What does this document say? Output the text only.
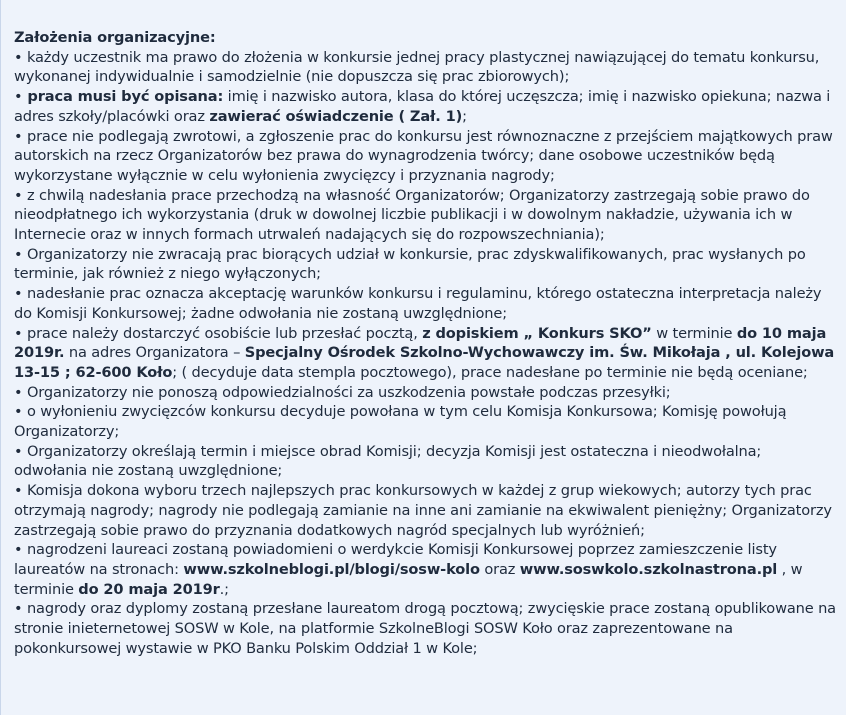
Założenia organizacyjne:

• każdy uczestnik ma prawo do złożenia w konkursie jednej pracy plastycznej nawiązującej do tematu konkursu, wykonanej indywidualnie i samodzielnie (nie dopuszcza się prac zbiorowych);

• praca musi być opisana: imię i nazwisko autora, klasa do której uczęszcza; imię i nazwisko opiekuna; nazwa i adres szkoły/placówki oraz zawierać oświadczenie ( Zał. 1);

• prace nie podlegają zwrotowi, a zgłoszenie prac do konkursu jest równoznaczne z przejściem majątkowych praw autorskich na rzecz Organizatorów bez prawa do wynagrodzenia twórcy; dane osobowe uczestników będą wykorzystane wyłącznie w celu wyłonienia zwycięzcy i przyznania nagrody;

• z chwilą nadesłania prace przechodzą na własność Organizatorów; Organizatorzy zastrzegają sobie prawo do nieodpłatnego ich wykorzystania (druk w dowolnej liczbie publikacji i w dowolnym nakładzie, używania ich w Internecie oraz w innych formach utrwaleń nadających się do rozpowszechniania);

• Organizatorzy nie zwracają prac biorących udział w konkursie, prac zdyskwalifikowanych, prac wysłanych po terminie, jak również z niego wyłączonych;

• nadesłanie prac oznacza akceptację warunków konkursu i regulaminu, którego ostateczna interpretacja należy do Komisji Konkursowej; żadne odwołania nie zostaną uwzględnione;

• prace należy dostarczyć osobiście lub przesłać pocztą, z dopiskiem „ Konkurs SKO” w terminie do 10 maja 2019r. na adres Organizatora – Specjalny Ośrodek Szkolno-Wychowawczy im. Św. Mikołaja , ul. Kolejowa 13-15 ; 62-600 Koło; ( decyduje data stempla pocztowego), prace nadesłane po terminie nie będą oceniane;

• Organizatorzy nie ponoszą odpowiedzialności za uszkodzenia powstałe podczas przesyłki;

• o wyłonieniu zwycięzców konkursu decyduje powołana w tym celu Komisja Konkursowa; Komisję powołują Organizatorzy;

• Organizatorzy określają termin i miejsce obrad Komisji; decyzja Komisji jest ostateczna i nieodwołalna; odwołania nie zostaną uwzględnione;

• Komisja dokona wyboru trzech najlepszych prac konkursowych w każdej z grup wiekowych; autorzy tych prac otrzymają nagrody; nagrody nie podlegają zamianie na inne ani zamianie na ekwiwalent pieniężny; Organizatorzy zastrzegają sobie prawo do przyznania dodatkowych nagród specjalnych lub wyróżnień;

• nagrodzeni laureaci zostaną powiadomieni o werdykcie Komisji Konkursowej poprzez zamieszczenie listy laureatów na stronach: www.szkolneblogi.pl/blogi/sosw-kolo oraz www.soswkolo.szkolnastrona.pl , w terminie do 20 maja 2019r.;

• nagrody oraz dyplomy zostaną przesłane laureatom drogą pocztową; zwycięskie prace zostaną opublikowane na stronie inieternetowej SOSW w Kole, na platformie SzkolneBlogi SOSW Koło oraz zaprezentowane na pokonkursowej wystawie w PKO Banku Polskim Oddział 1 w Kole;
